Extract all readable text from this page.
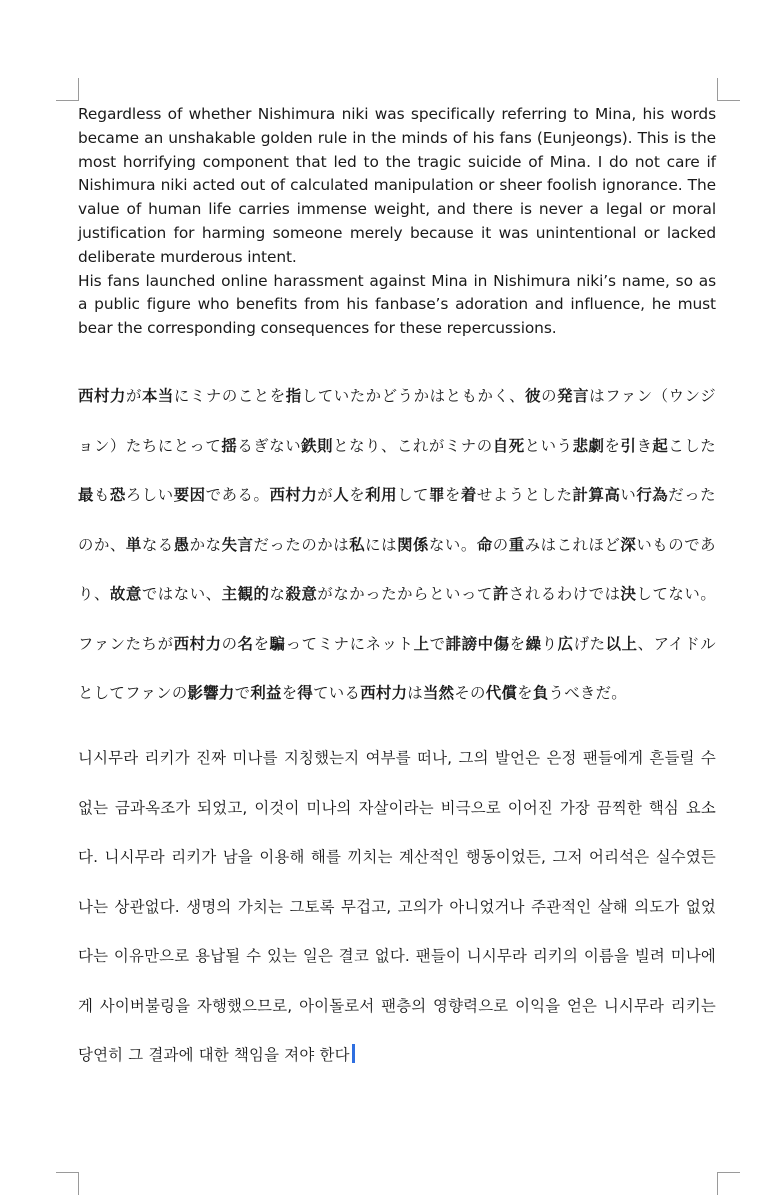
Regardless of whether Nishimura niki was specifically referring to Mina, his words became an unshakable golden rule in the minds of his fans (Eunjeongs). This is the most horrifying component that led to the tragic suicide of Mina. I do not care if Nishimura niki acted out of calculated manipulation or sheer foolish ignorance. The value of human life carries immense weight, and there is never a legal or moral justification for harming someone merely because it was unintentional or lacked deliberate murderous intent.

His fans launched online harassment against Mina in Nishimura niki’s name, so as a public figure who benefits from his fanbase’s adoration and influence, he must bear the corresponding consequences for these repercussions.

西村力が本当にミナのことを指していたかどうかはともかく、彼の発言はファン（ウンジョン）たちにとって揺るぎない鉄則となり、これがミナの自死という悲劇を引き起こした最も恐ろしい要因である。西村力が人を利用して罪を着せようとした計算高い行為だったのか、単なる愚かな失言だったのかは私には関係ない。命の重みはこれほど深いものであり、故意ではない、主観的な殺意がなかったからといって許されるわけでは決してない。ファンたちが西村力の名を騙ってミナにネット上で誹謗中傷を繰り広げた以上、アイドルとしてファンの影響力で利益を得ている西村力は当然その代償を負うべきだ。

니시무라 리키가 진짜 미나를 지칭했는지 여부를 떠나, 그의 발언은 은정 팬들에게 흔들릴 수 없는 금과옥조가 되었고, 이것이 미나의 자살이라는 비극으로 이어진 가장 끔찍한 핵심 요소다. 니시무라 리키가 남을 이용해 해를 끼치는 계산적인 행동이었든, 그저 어리석은 실수였든 나는 상관없다. 생명의 가치는 그토록 무겁고, 고의가 아니었거나 주관적인 살해 의도가 없었다는 이유만으로 용납될 수 있는 일은 결코 없다. 팬들이 니시무라 리키의 이름을 빌려 미나에게 사이버불링을 자행했으므로, 아이돌로서 팬층의 영향력으로 이익을 얻은 니시무라 리키는 당연히 그 결과에 대한 책임을 져야 한다
